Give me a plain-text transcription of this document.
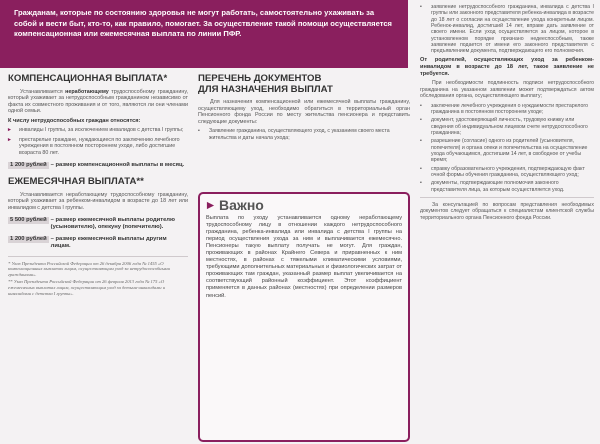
Гражданам, которые по состоянию здоровья не могут работать, самостоятельно ухаживать за собой и вести быт, кто-то, как правило, помогает. За осуществление такой помощи осуществляется компенсационная или ежемесячная выплата по линии ПФР.
КОМПЕНСАЦИОННАЯ ВЫПЛАТА*

Устанавливается неработающему трудоспособному гражданину, который ухаживает за нетрудоспособным гражданином независимо от факта их совместного проживания и от того, являются ли они членами одной семьи.

К числу нетрудоспособных граждан относятся:

▸	инвалиды I группы, за исключением инвалидов с детства I группы;
▸	престарелые граждане, нуждающиеся по заключению лечебного учреждения в постоянном постороннем уходе, либо достигшие возраста 80 лет.
1 200 рублей – размер компенсационной выплаты в месяц.
ЕЖЕМЕСЯЧНАЯ ВЫПЛАТА**

Устанавливается неработающему трудоспособному гражданину, который ухаживает за ребенком-инвалидом в возрасте до 18 лет или инвалидом с детства I группы.

5 500 рублей – размер ежемесячной выплаты родителю (усыновителю), опекуну (попечителю).
1 200 рублей – размер ежемесячной выплаты другим лицам.

* Указ Президента Российской Федерации от 26 декабря 2006 года № 1455 «О компенсационных выплатах лицам, осуществляющим уход за нетрудоспособными гражданами».

** Указ Президента Российской Федерации от 26 февраля 2013 года № 175 «О ежемесячных выплатах лицам, осуществляющим уход за детьми-инвалидами и инвалидами с детства I группы».

ПЕРЕЧЕНЬ ДОКУМЕНТОВ
ДЛЯ НАЗНАЧЕНИЯ ВЫПЛАТ

Для назначения компенсационной или ежемесячной выплаты гражданину, осуществляющему уход, необходимо обратиться в территориальный орган Пенсионного фонда России по месту жительства пенсионера и представить следующие документы:

▪	Заявление гражданина, осуществляющего уход, с указанием своего места жительства и даты начала ухода;
Важно

Выплата по уходу устанавливается одному неработающему трудоспособному лицу в отношении каждого нетрудоспособного гражданина, ребенка-инвалида или инвалида с детства I группы на период осуществления ухода за ним и выплачивается ежемесячно. Пенсионеры такую выплату получать не могут. Для граждан, проживающих в районах Крайнего Севера и приравненных к ним местностях, в районах с тяжелыми климатическими условиями, требующими дополнительных материальных и физиологических затрат от проживающих там граждан, указанный размер выплат увеличивается на соответствующий районный коэффициент. Этот коэффициент применяется в данных районах (местностях) при определении размеров пенсий.

▪	заявление нетрудоспособного гражданина, инвалида с детства I группы или законного представителя ребенка-инвалида в возрасте до 18 лет о согласии на осуществление ухода конкретным лицом. Ребенок-инвалид, достигший 14 лет, вправе дать заявление от своего имени. Если уход осуществляется за лицом, которое в установленном порядке признано недееспособным, также заявление подается от имени его законного представителя с предъявлением документа, подтверждающего его полномочия.

От родителей, осуществляющих уход за ребенком-инвалидом в возрасте до 18 лет, такое заявление не требуется.

При необходимости подлинность подписи нетрудоспособного гражданина на указанном заявлении может подтверждаться актом обследования органа, осуществляющего выплату;

▪	заключение лечебного учреждения о нуждаемости престарелого гражданина в постоянном постороннем уходе;
▪	документ, удостоверяющий личность, трудовую книжку или сведения об индивидуальном лицевом счете нетрудоспособного гражданина;
▪	разрешение (согласие) одного из родителей (усыновителя, попечителя) и органа опеки и попечительства на осуществление ухода обучающимся, достигшим 14 лет, в свободное от учебы время;
▪	справку образовательного учреждения, подтверждающую факт очной формы обучения гражданина, осуществляющего уход;
▪	документы, подтверждающие полномочия законного представителя лица, за которым осуществляется уход.

За консультацией по вопросам представления необходимых документов следует обращаться к специалистам клиентской службы территориального органа Пенсионного фонда России.
